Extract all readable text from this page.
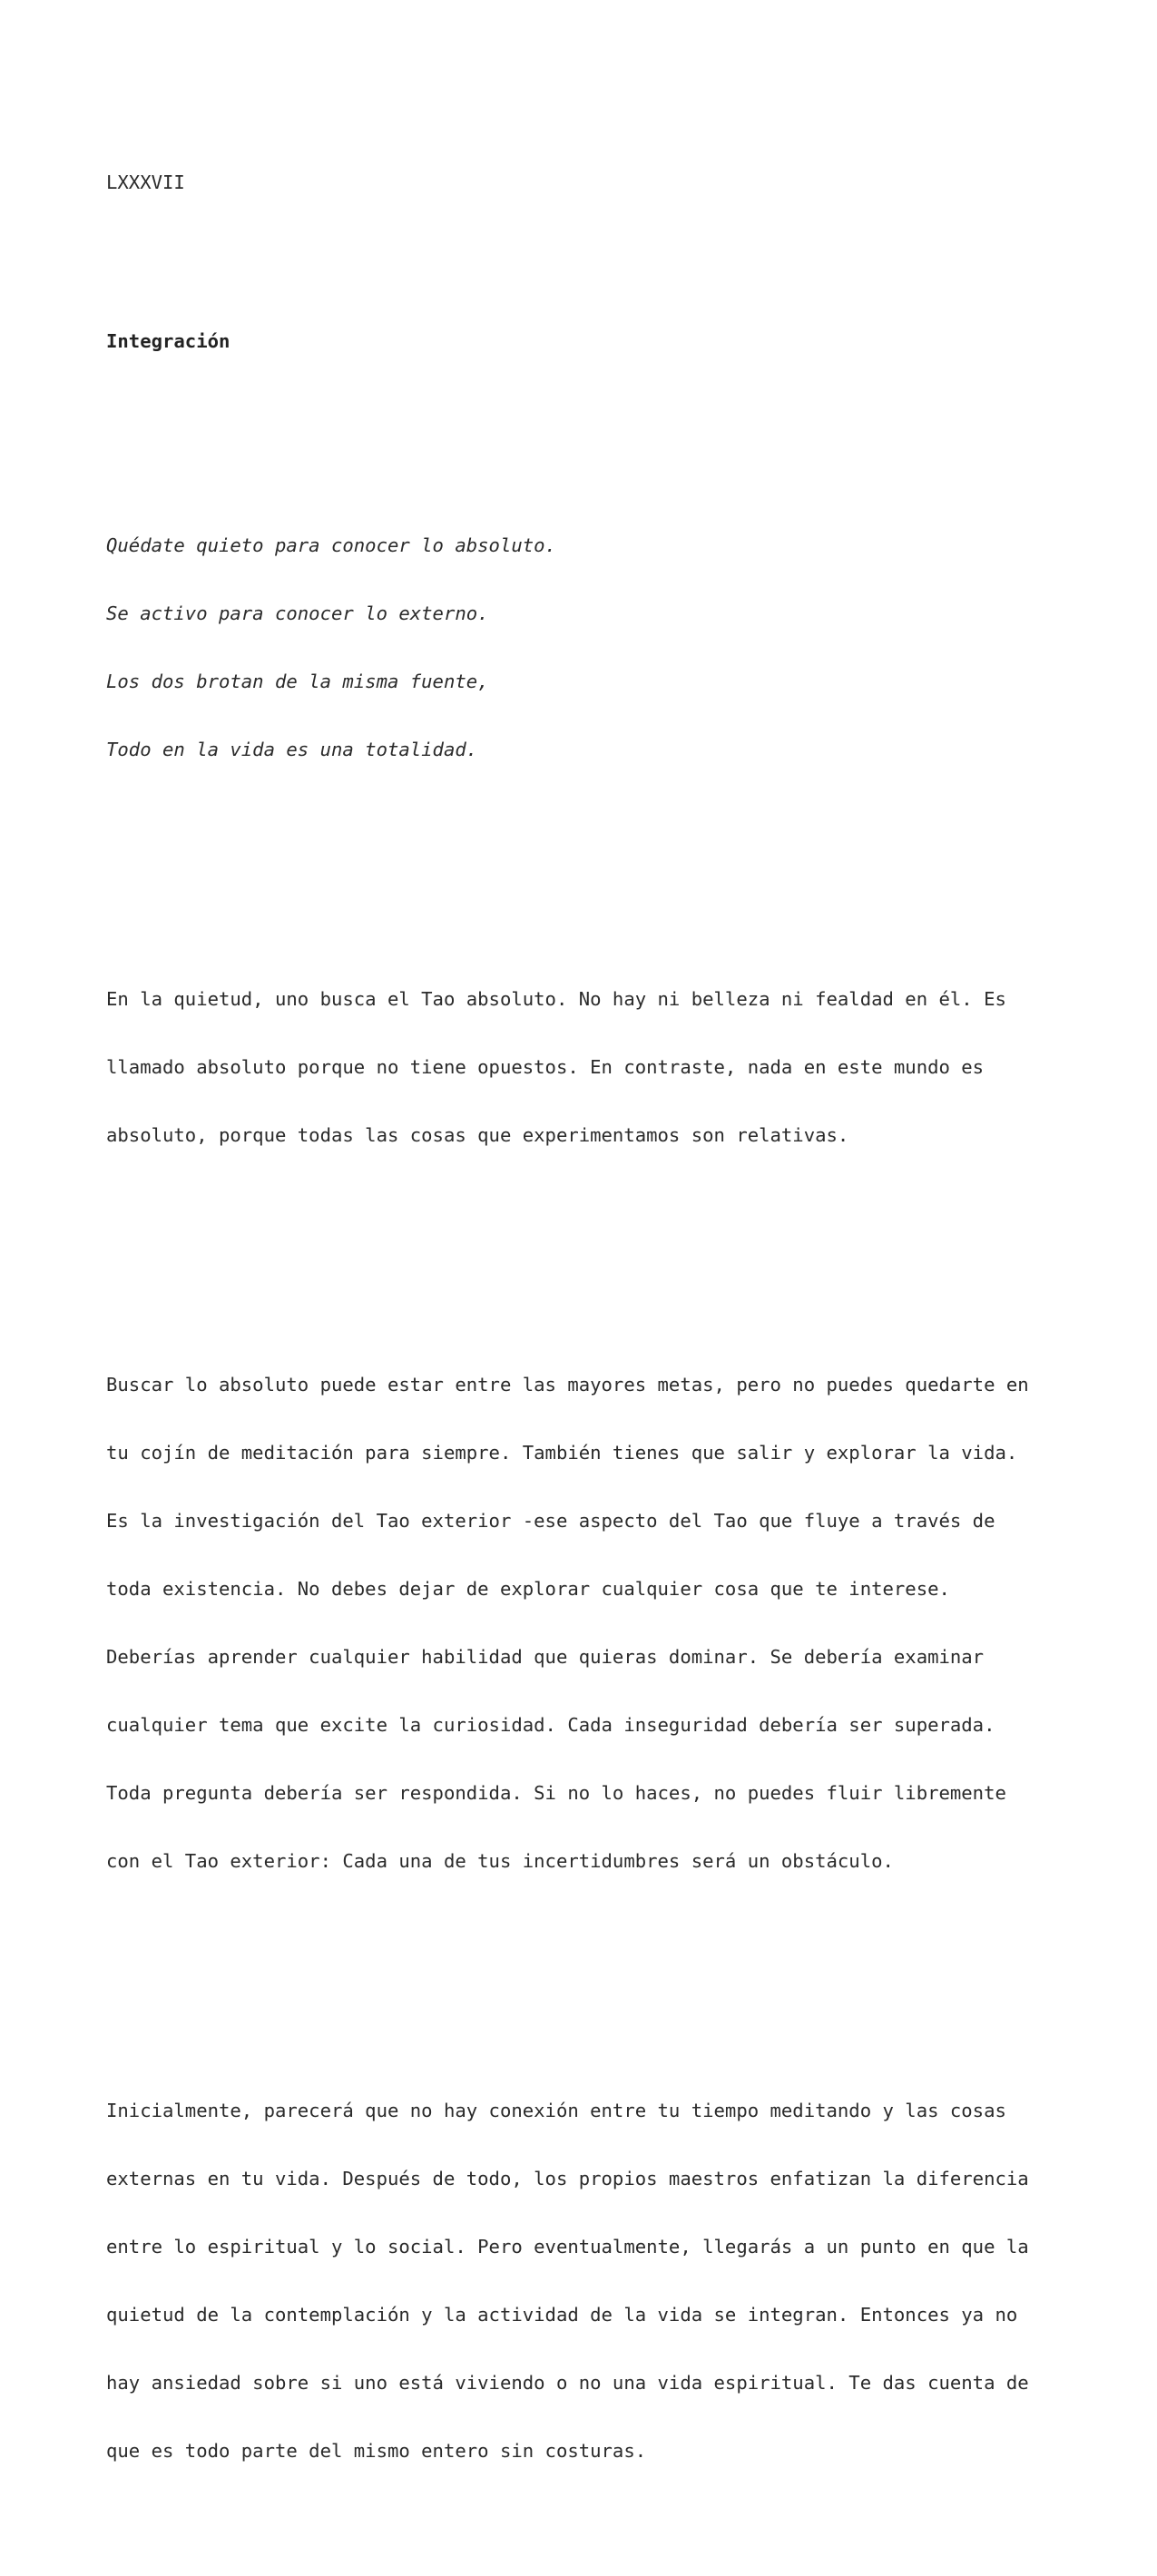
LXXXVII

Integración

Quédate quieto para conocer lo absoluto.

Se activo para conocer lo externo.

Los dos brotan de la misma fuente,

Todo en la vida es una totalidad.

En la quietud, uno busca el Tao absoluto. No hay ni belleza ni fealdad en él. Es

llamado absoluto porque no tiene opuestos. En contraste, nada en este mundo es

absoluto, porque todas las cosas que experimentamos son relativas.

Buscar lo absoluto puede estar entre las mayores metas, pero no puedes quedarte en

tu cojín de meditación para siempre. También tienes que salir y explorar la vida.

Es la investigación del Tao exterior -ese aspecto del Tao que fluye a través de

toda existencia. No debes dejar de explorar cualquier cosa que te interese.

Deberías aprender cualquier habilidad que quieras dominar. Se debería examinar

cualquier tema que excite la curiosidad. Cada inseguridad debería ser superada.

Toda pregunta debería ser respondida. Si no lo haces, no puedes fluir libremente

con el Tao exterior: Cada una de tus incertidumbres será un obstáculo.

Inicialmente, parecerá que no hay conexión entre tu tiempo meditando y las cosas

externas en tu vida. Después de todo, los propios maestros enfatizan la diferencia

entre lo espiritual y lo social. Pero eventualmente, llegarás a un punto en que la

quietud de la contemplación y la actividad de la vida se integran. Entonces ya no

hay ansiedad sobre si uno está viviendo o no una vida espiritual. Te das cuenta de

que es todo parte del mismo entero sin costuras.
